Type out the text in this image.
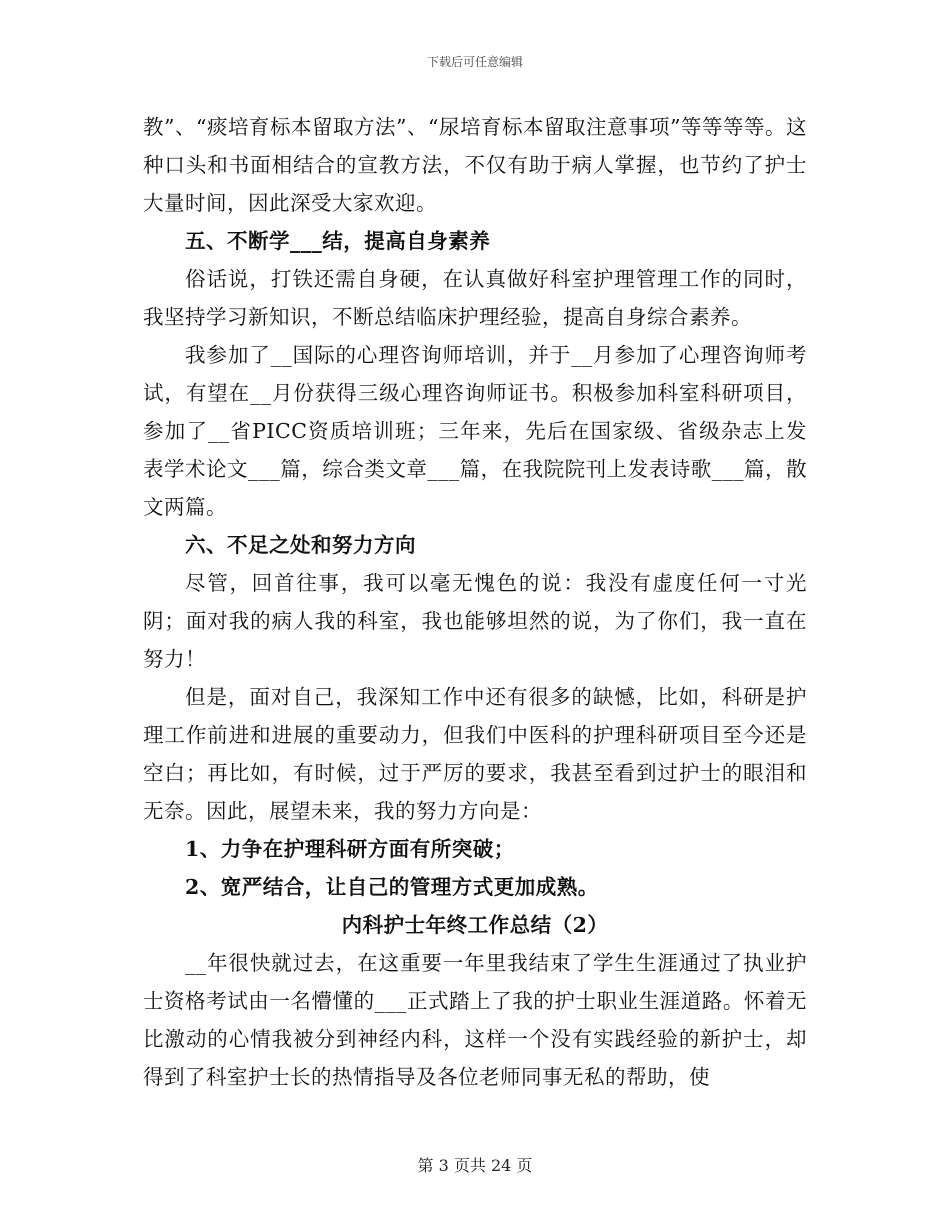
下载后可任意编辑

教”、“痰培育标本留取方法”、“尿培育标本留取注意事项”等等等等。这种口头和书面相结合的宣教方法，不仅有助于病人掌握，也节约了护士大量时间，因此深受大家欢迎。

五、不断学___结，提高自身素养

俗话说，打铁还需自身硬，在认真做好科室护理管理工作的同时，我坚持学习新知识，不断总结临床护理经验，提高自身综合素养。

我参加了__国际的心理咨询师培训，并于__月参加了心理咨询师考试，有望在__月份获得三级心理咨询师证书。积极参加科室科研项目，参加了__省PICC资质培训班；三年来，先后在国家级、省级杂志上发表学术论文___篇，综合类文章___篇，在我院院刊上发表诗歌___篇，散文两篇。

六、不足之处和努力方向

尽管，回首往事，我可以毫无愧色的说：我没有虚度任何一寸光阴；面对我的病人我的科室，我也能够坦然的说，为了你们，我一直在努力！

但是，面对自己，我深知工作中还有很多的缺憾，比如，科研是护理工作前进和进展的重要动力，但我们中医科的护理科研项目至今还是空白；再比如，有时候，过于严厉的要求，我甚至看到过护士的眼泪和无奈。因此，展望未来，我的努力方向是：

1、力争在护理科研方面有所突破；

2、宽严结合，让自己的管理方式更加成熟。

内科护士年终工作总结（2）

__年很快就过去，在这重要一年里我结束了学生生涯通过了执业护士资格考试由一名懵懂的___正式踏上了我的护士职业生涯道路。怀着无比激动的心情我被分到神经内科，这样一个没有实践经验的新护士，却得到了科室护士长的热情指导及各位老师同事无私的帮助，使

第 3 页共 24 页
